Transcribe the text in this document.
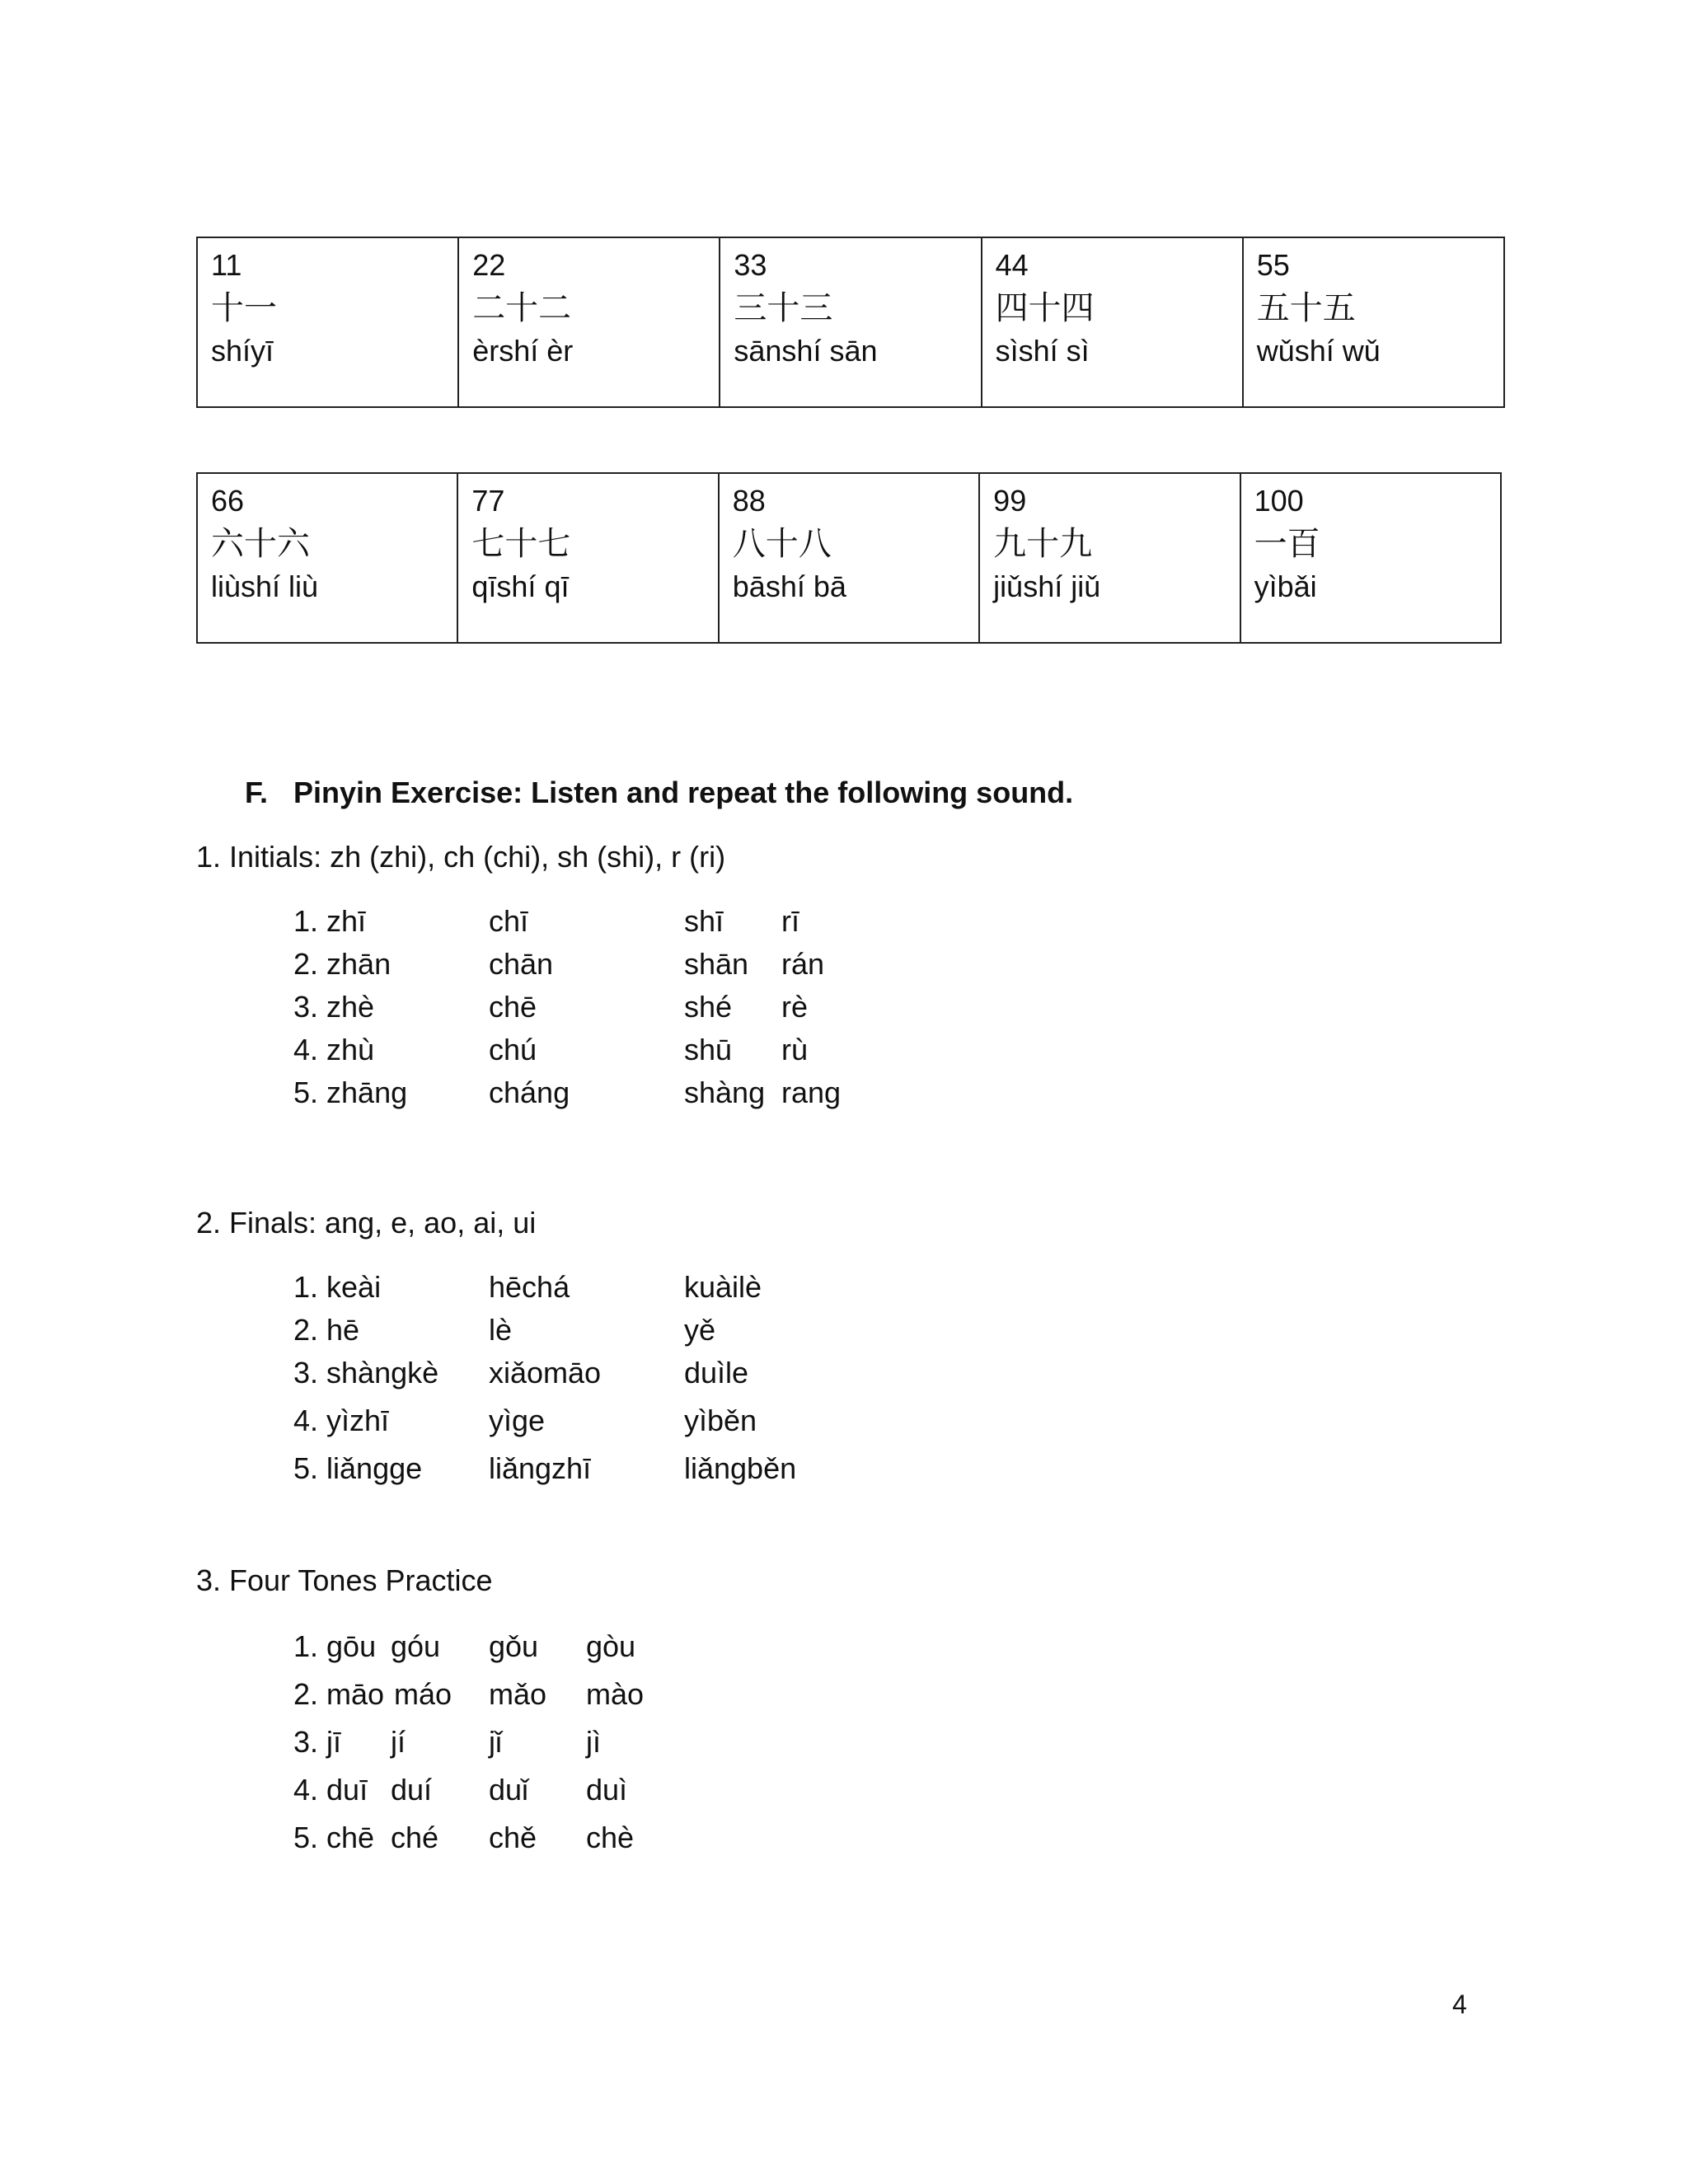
11
十一
shíyī

22
二十二
èrshí èr

33
三十三
sānshí sān

44
四十四
sìshí sì

55
五十五
wǔshí wǔ
66
六十六
liùshí liù

77
七十七
qīshí qī

88
八十八
bāshí bā

99
九十九
jiǔshí jiǔ

100
一百
yìbǎi
F. Pinyin Exercise: Listen and repeat the following sound.
1. Initials: zh (zhi), ch (chi), sh (shi), r (ri)
1. zhī	chī	shī rī
2. zhān	chān	shān rán
3. zhè	chē	shé rè
4. zhù	chú	shū rù
5. zhāng	cháng	shàng rang
2. Finals: ang, e, ao, ai, ui
1. keài	hēchá	kuàilè
2. hē	lè	yě
3. shàngkè xiǎomāo	duìle
4. yìzhī	yìge	yìběn
5. liǎngge liǎngzhī	liǎngběn
3. Four Tones Practice
1. gōu góu gǒu gòu
2. māo máo mǎo mào
3. jī jí	jǐ	jì
4. duī duí duǐ duì
5. chē ché chě chè
4
